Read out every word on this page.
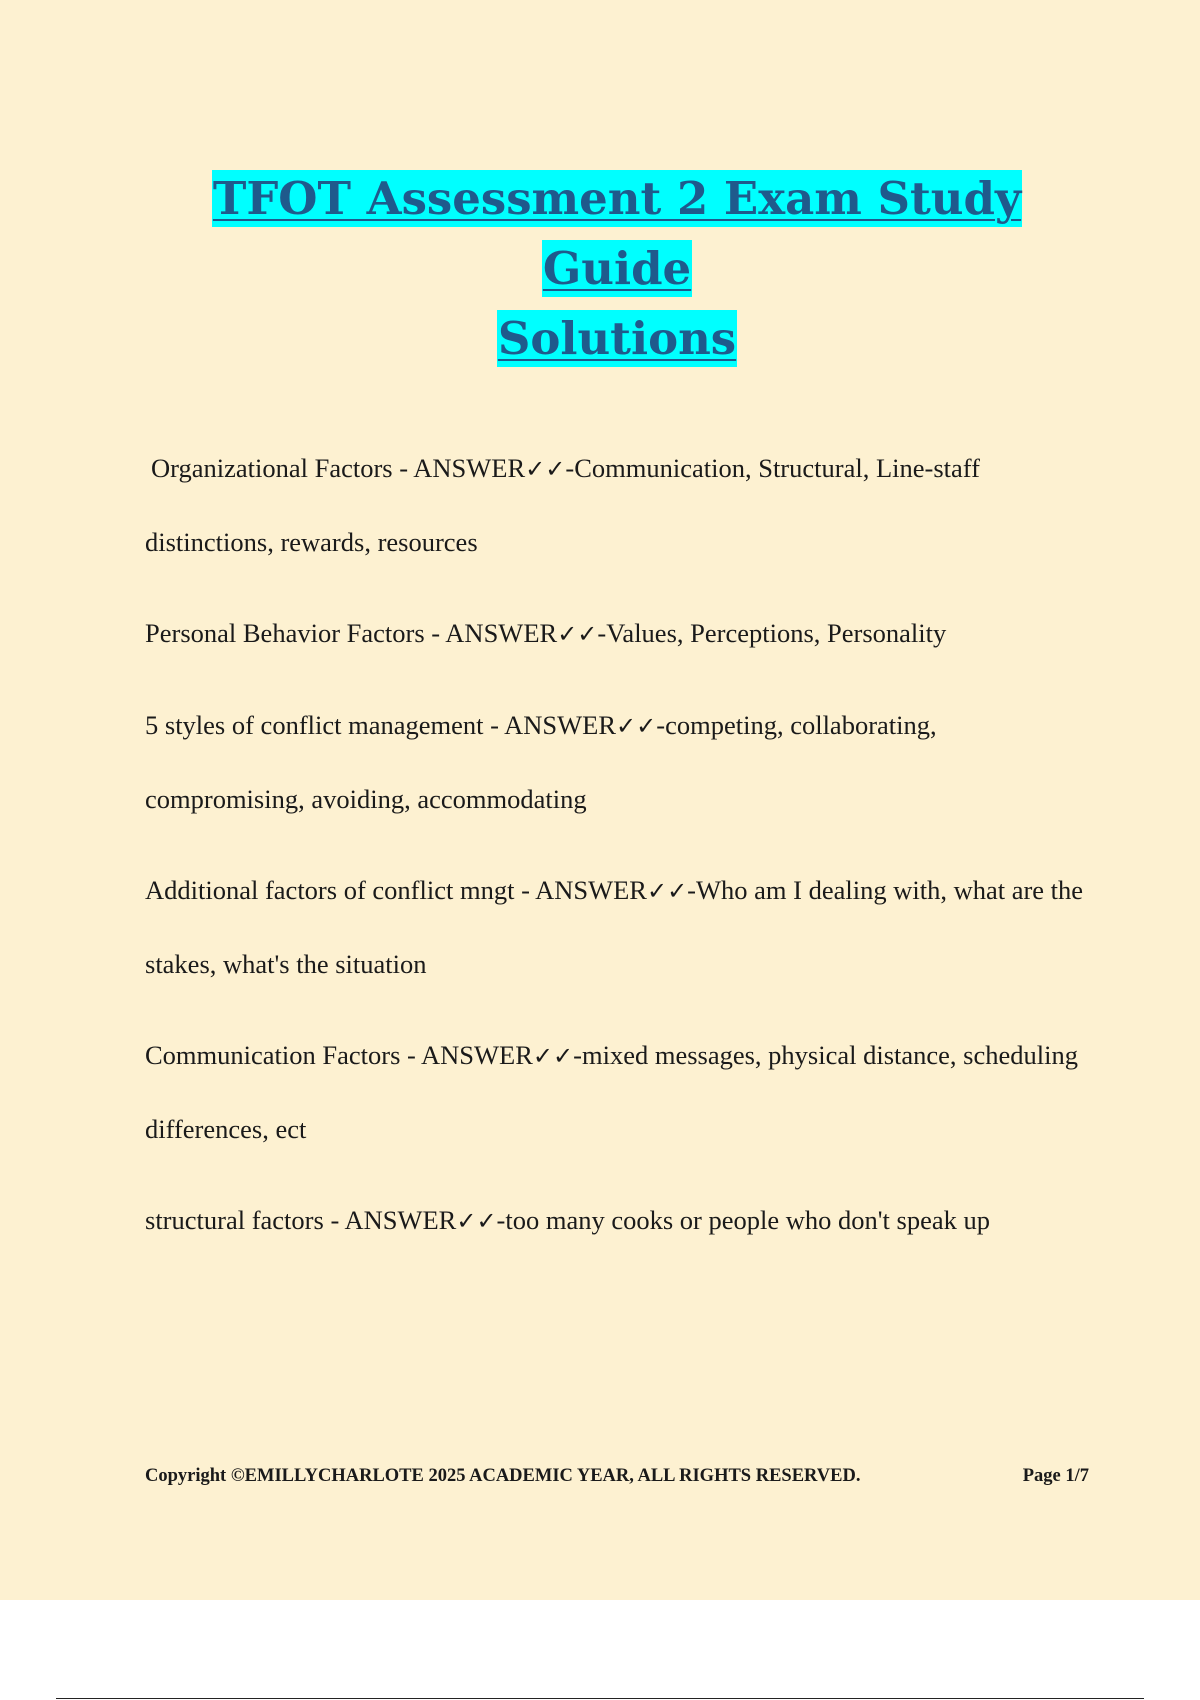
TFOT Assessment 2 Exam Study Guide
Solutions

Organizational Factors - ANSWER✓✓-Communication, Structural, Line-staff distinctions, rewards, resources

Personal Behavior Factors - ANSWER✓✓-Values, Perceptions, Personality

5 styles of conflict management - ANSWER✓✓-competing, collaborating, compromising, avoiding, accommodating

Additional factors of conflict mngt - ANSWER✓✓-Who am I dealing with, what are the stakes, what's the situation

Communication Factors - ANSWER✓✓-mixed messages, physical distance, scheduling differences, ect

structural factors - ANSWER✓✓-too many cooks or people who don't speak up

Copyright ©EMILLYCHARLOTE 2025 ACADEMIC YEAR, ALL RIGHTS RESERVED.	Page 1/7
